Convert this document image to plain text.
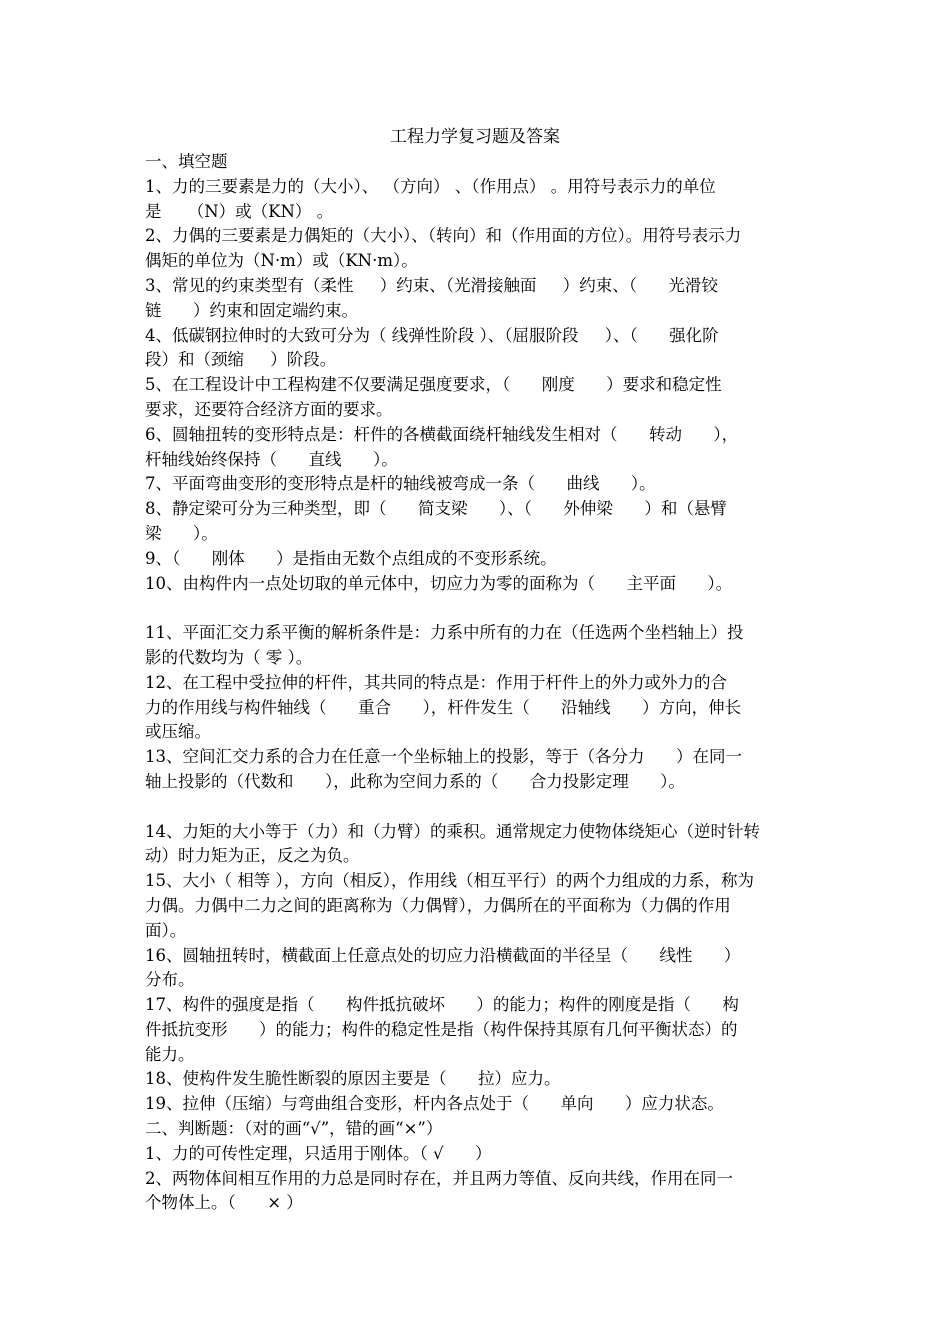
工程力学复习题及答案
一、填空题
1、力的三要素是力的（大小）、 （方向） 、（作用点） 。用符号表示力的单位
是     （N）或（KN） 。
2、力偶的三要素是力偶矩的（大小）、（转向）和（作用面的方位）。用符号表示力
偶矩的单位为（N·m）或（KN·m）。
3、常见的约束类型有（柔性     ）约束、（光滑接触面     ）约束、（      光滑铰
链      ）约束和固定端约束。
4、低碳钢拉伸时的大致可分为（ 线弹性阶段 ）、（屈服阶段     ）、（      强化阶
段）和（颈缩     ）阶段。
5、在工程设计中工程构建不仅要满足强度要求，（      刚度      ）要求和稳定性
要求，还要符合经济方面的要求。
6、圆轴扭转的变形特点是：杆件的各横截面绕杆轴线发生相对（      转动      ），
杆轴线始终保持（      直线      ）。
7、平面弯曲变形的变形特点是杆的轴线被弯成一条（      曲线      ）。
8、静定梁可分为三种类型，即（      简支梁      ）、（      外伸梁      ）和（悬臂
梁      ）。
9、（      刚体      ）是指由无数个点组成的不变形系统。
10、由构件内一点处切取的单元体中，切应力为零的面称为（      主平面      ）。
11、平面汇交力系平衡的解析条件是：力系中所有的力在（任选两个坐档轴上）投
影的代数均为（ 零 ）。
12、在工程中受拉伸的杆件，其共同的特点是：作用于杆件上的外力或外力的合
力的作用线与构件轴线（      重合      ），杆件发生（      沿轴线      ）方向，伸长
或压缩。
13、空间汇交力系的合力在任意一个坐标轴上的投影，等于（各分力      ）在同一
轴上投影的（代数和      ），此称为空间力系的（      合力投影定理      ）。
14、力矩的大小等于（力）和（力臂）的乘积。通常规定力使物体绕矩心（逆时针转
动）时力矩为正，反之为负。
15、大小（ 相等 ），方向（相反），作用线（相互平行）的两个力组成的力系，称为
力偶。力偶中二力之间的距离称为（力偶臂），力偶所在的平面称为（力偶的作用
面）。
16、圆轴扭转时，横截面上任意点处的切应力沿横截面的半径呈（      线性      ）
分布。
17、构件的强度是指（      构件抵抗破坏      ）的能力；构件的刚度是指（      构
件抵抗变形      ）的能力；构件的稳定性是指（构件保持其原有几何平衡状态）的
能力。
18、使构件发生脆性断裂的原因主要是（      拉）应力。
19、拉伸（压缩）与弯曲组合变形，杆内各点处于（      单向      ）应力状态。
二、判断题：（对的画“√”，错的画“×”）
1、力的可传性定理，只适用于刚体。（ √      ）
2、两物体间相互作用的力总是同时存在，并且两力等值、反向共线，作用在同一
个物体上。（      × ）
